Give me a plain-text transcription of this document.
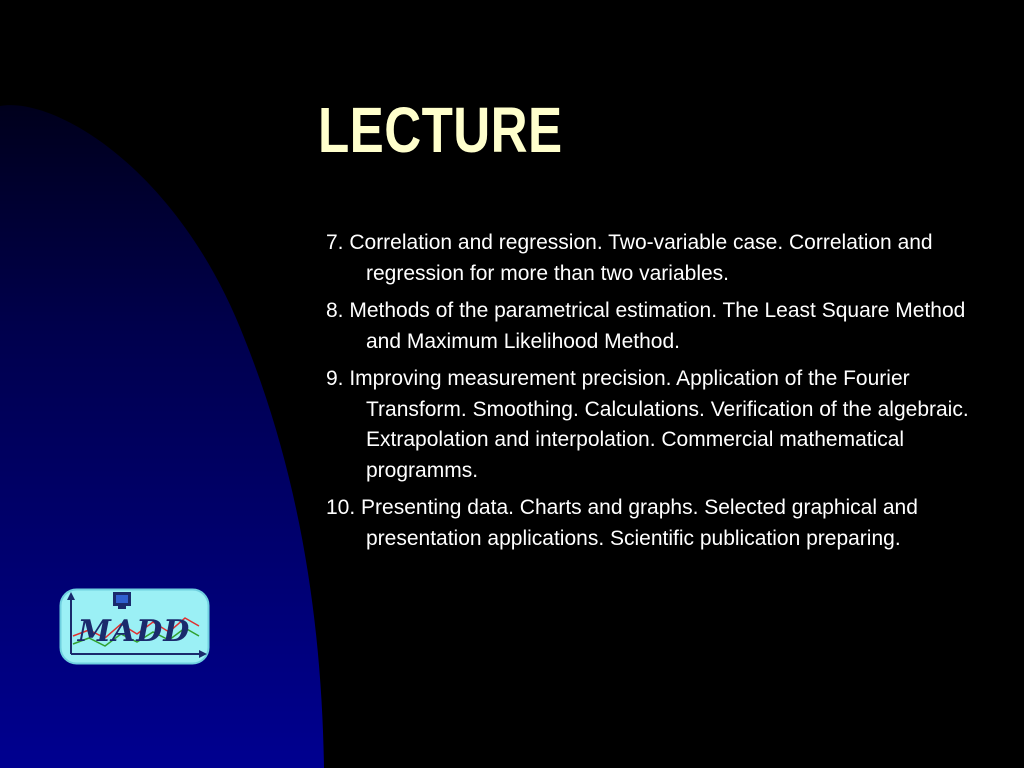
LECTURE
7. Correlation and regression. Two-variable case. Correlation and regression for more than two variables.
8. Methods of the parametrical estimation. The Least Square Method and Maximum Likelihood Method.
9. Improving measurement precision. Application of the Fourier Transform. Smoothing. Calculations. Verification of the algebraic. Extrapolation and interpolation. Commercial mathematical programms.
10. Presenting data. Charts and graphs. Selected graphical and presentation applications. Scientific publication preparing.
MADD
